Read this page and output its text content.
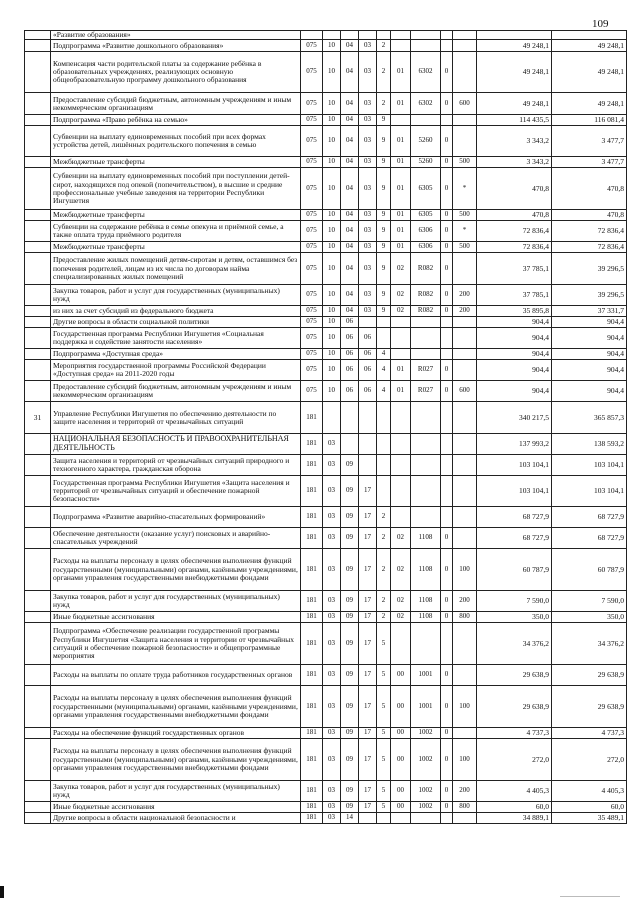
109
	«Развитие образования»											
	Подпрограмма «Развитие дошкольного образования»	075	10	04	03	2					49 248,1	49 248,1
	Компенсация части родительской платы за содержание ребёнка в образовательных учреждениях, реализующих основную общеобразовательную программу дошкольного образования	075	10	04	03	2	01	6302	0		49 248,1	49 248,1
	Предоставление субсидий бюджетным, автономным учреждениям и иным некоммерческим организациям	075	10	04	03	2	01	6302	0	600	49 248,1	49 248,1
	Подпрограмма «Право ребёнка на семью»	075	10	04	03	9					114 435,5	116 081,4
	Субвенции на выплату единовременных пособий при всех формах устройства детей, лишённых родительского попечения в семью	075	10	04	03	9	01	5260	0		3 343,2	3 477,7
	Межбюджетные трансферты	075	10	04	03	9	01	5260	0	500	3 343,2	3 477,7
	Субвенции на выплату единовременных пособий при поступлении детей-сирот, находящихся под опекой (попечительством), в высшие и средние профессиональные учебные заведения на территории Республики Ингушетия	075	10	04	03	9	01	6305	0	*	470,8	470,8
	Межбюджетные трансферты	075	10	04	03	9	01	6305	0	500	470,8	470,8
	Субвенции на содержание ребёнка в семье опекуна и приёмной семье, а также оплата труда приёмного родителя	075	10	04	03	9	01	6306	0	*	72 836,4	72 836,4
	Межбюджетные трансферты	075	10	04	03	9	01	6306	0	500	72 836,4	72 836,4
	Предоставление жилых помещений детям-сиротам и детям, оставшимся без попечения родителей, лицам из их числа по договорам найма специализированных жилых помещений	075	10	04	03	9	02	R082	0		37 785,1	39 296,5
	Закупка товаров, работ и услуг для государственных (муниципальных) нужд	075	10	04	03	9	02	R082	0	200	37 785,1	39 296,5
	из них за счет субсидий из федерального бюджета	075	10	04	03	9	02	R082	0	200	35 895,8	37 331,7
	Другие вопросы в области социальной политики	075	10	06							904,4	904,4
	Государственная программа Республики Ингушетия «Социальная поддержка и содействие занятости населения»	075	10	06	06						904,4	904,4
	Подпрограмма «Доступная среда»	075	10	06	06	4					904,4	904,4
	Мероприятия государственной программы Российской Федерации «Доступная среда» на 2011-2020 годы	075	10	06	06	4	01	R027	0		904,4	904,4
	Предоставление субсидий бюджетным, автономным учреждениям и иным некоммерческим организациям	075	10	06	06	4	01	R027	0	600	904,4	904,4
31	Управление Республики Ингушетия по обеспечению деятельности по защите населения и территорий от чрезвычайных ситуаций	181									340 217,5	365 857,3
	НАЦИОНАЛЬНАЯ БЕЗОПАСНОСТЬ И ПРАВООХРАНИТЕЛЬНАЯ ДЕЯТЕЛЬНОСТЬ	181	03								137 993,2	138 593,2
	Защита населения и территорий от чрезвычайных ситуаций природного и техногенного характера, гражданская оборона	181	03	09							103 104,1	103 104,1
	Государственная программа Республики Ингушетия «Защита населения и территорий от чрезвычайных ситуаций и обеспечение пожарной безопасности»	181	03	09	17						103 104,1	103 104,1
	Подпрограмма «Развитие аварийно-спасательных формирований»	181	03	09	17	2					68 727,9	68 727,9
	Обеспечение деятельности (оказание услуг) поисковых и аварийно-спасательных учреждений	181	03	09	17	2	02	1108	0		68 727,9	68 727,9
	Расходы на выплаты персоналу в целях обеспечения выполнения функций государственными (муниципальными) органами, казёнными учреждениями, органами управления государственными внебюджетными фондами	181	03	09	17	2	02	1108	0	100	60 787,9	60 787,9
	Закупка товаров, работ и услуг для государственных (муниципальных) нужд	181	03	09	17	2	02	1108	0	200	7 590,0	7 590,0
	Иные бюджетные ассигнования	181	03	09	17	2	02	1108	0	800	350,0	350,0
	Подпрограмма «Обеспечение реализации государственной программы Республики Ингушетия «Защита населения и территории от чрезвычайных ситуаций и обеспечение пожарной безопасности» и общепрограммные мероприятия	181	03	09	17	5					34 376,2	34 376,2
	Расходы на выплаты по оплате труда работников государственных органов	181	03	09	17	5	00	1001	0		29 638,9	29 638,9
	Расходы на выплаты персоналу в целях обеспечения выполнения функций государственными (муниципальными) органами, казёнными учреждениями, органами управления государственными внебюджетными фондами	181	03	09	17	5	00	1001	0	100	29 638,9	29 638,9
	Расходы на обеспечение функций государственных органов	181	03	09	17	5	00	1002	0		4 737,3	4 737,3
	Расходы на выплаты персоналу в целях обеспечения выполнения функций государственными (муниципальными) органами, казёнными учреждениями, органами управления государственными внебюджетными фондами	181	03	09	17	5	00	1002	0	100	272,0	272,0
	Закупка товаров, работ и услуг для государственных (муниципальных) нужд	181	03	09	17	5	00	1002	0	200	4 405,3	4 405,3
	Иные бюджетные ассигнования	181	03	09	17	5	00	1002	0	800	60,0	60,0
	Другие вопросы в области национальной безопасности и	181	03	14							34 889,1	35 489,1
